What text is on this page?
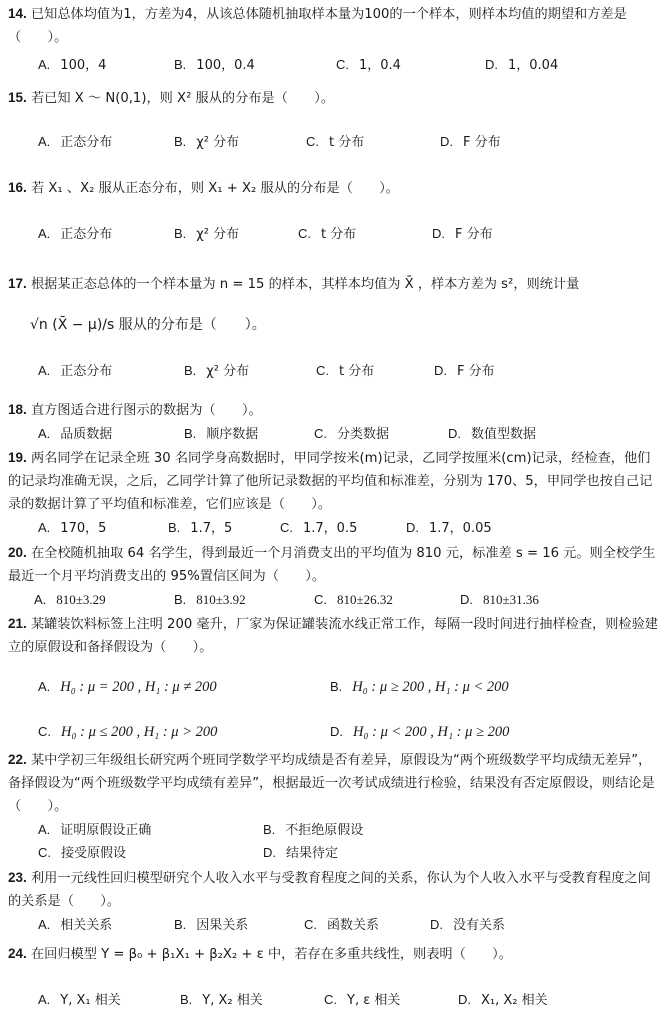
14. 已知总体均值为1，方差为4，从该总体随机抽取样本量为100的一个样本，则样本均值的期望和方差是（　　）。
A. 100，4	B. 100，0.4	C. 1，0.4	D. 1，0.04
15. 若已知 X ～ N(0,1)，则 X² 服从的分布是（　　）。
A. 正态分布	B. χ² 分布	C. t 分布	D. F 分布
16. 若 X₁ 、X₂ 服从正态分布，则 X₁ + X₂ 服从的分布是（　　）。
A. 正态分布	B. χ² 分布	C. t 分布	D. F 分布
17. 根据某正态总体的一个样本量为 n = 15 的样本，其样本均值为 X̄ ，样本方差为 s²，则统计量
√n (X̄ − μ)/s 服从的分布是（　　）。
A. 正态分布	B. χ² 分布	C. t 分布	D. F 分布
18. 直方图适合进行图示的数据为（　　）。
A. 品质数据	B. 顺序数据	C. 分类数据	D. 数值型数据
19. 两名同学在记录全班 30 名同学身高数据时，甲同学按米(m)记录，乙同学按厘米(cm)记录，经检查，他们的记录均准确无误，之后，乙同学计算了他所记录数据的平均值和标准差，分别为 170、5，甲同学也按自己记录的数据计算了平均值和标准差，它们应该是（　　）。
A. 170，5	B. 1.7，5	C. 1.7，0.5	D. 1.7，0.05
20. 在全校随机抽取 64 名学生，得到最近一个月消费支出的平均值为 810 元，标准差 s = 16 元。则全校学生最近一个月平均消费支出的 95%置信区间为（　　）。
A. 810±3.29	B. 810±3.92	C. 810±26.32	D. 810±31.36
21. 某罐装饮料标签上注明 200 毫升，厂家为保证罐装流水线正常工作，每隔一段时间进行抽样检查，则检验建立的原假设和备择假设为（　　）。
A. H₀ : μ = 200 , H₁ : μ ≠ 200	B. H₀ : μ ≥ 200 , H₁ : μ < 200
C. H₀ : μ ≤ 200 , H₁ : μ > 200	D. H₀ : μ < 200 , H₁ : μ ≥ 200
22. 某中学初三年级组长研究两个班同学数学平均成绩是否有差异，原假设为“两个班级数学平均成绩无差异”，备择假设为“两个班级数学平均成绩有差异”，根据最近一次考试成绩进行检验，结果没有否定原假设，则结论是（　　）。
A. 证明原假设正确	B. 不拒绝原假设
C. 接受原假设	D. 结果待定
23. 利用一元线性回归模型研究个人收入水平与受教育程度之间的关系，你认为个人收入水平与受教育程度之间的关系是（　　）。
A. 相关关系	B. 因果关系	C. 函数关系	D. 没有关系
24. 在回归模型 Y = β₀ + β₁X₁ + β₂X₂ + ε 中，若存在多重共线性，则表明（　　）。
A. Y, X₁ 相关	B. Y, X₂ 相关	C. Y, ε 相关	D. X₁, X₂ 相关
